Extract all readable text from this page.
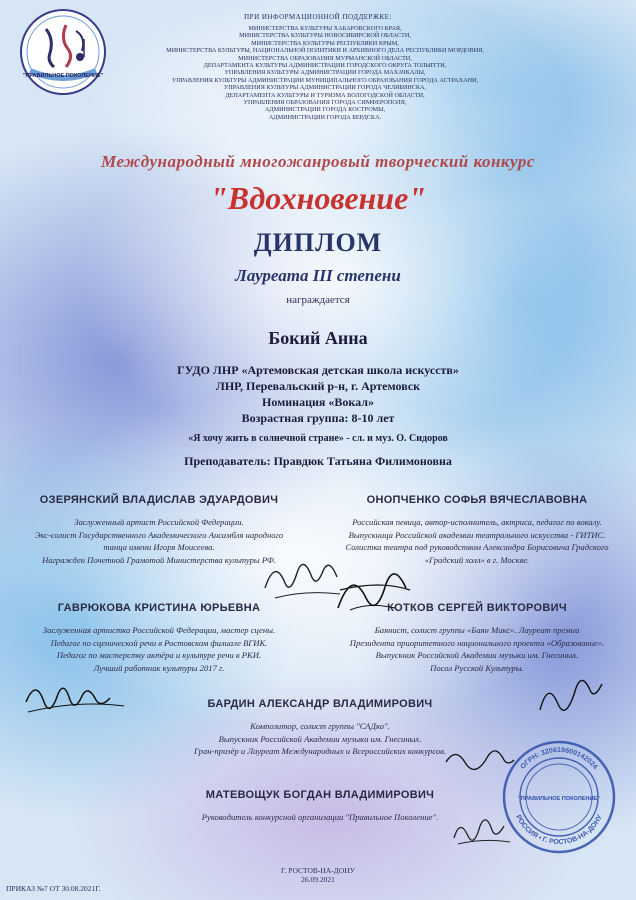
"ПРАВИЛЬНОЕ ПОКОЛЕНИЕ"
ПРИ ИНФОРМАЦИОННОЙ ПОДДЕРЖКЕ:
МИНИСТЕРСТВА КУЛЬТУРЫ ХАБАРОВСКОГО КРАЯ,
МИНИСТЕРСТВА КУЛЬТУРЫ НОВОСИБИРСКОЙ ОБЛАСТИ,
МИНИСТЕРСТВА КУЛЬТУРЫ РЕСПУБЛИКИ КРЫМ,
МИНИСТЕРСТВА КУЛЬТУРЫ, НАЦИОНАЛЬНОЙ ПОЛИТИКИ И АРХИВНОГО ДЕЛА РЕСПУБЛИКИ МОРДОВИЯ,
МИНИСТЕРСТВА ОБРАЗОВАНИЯ МУРМАНСКОЙ ОБЛАСТИ,
ДЕПАРТАМЕНТА КУЛЬТУРЫ АДМИНИСТРАЦИИ ГОРОДСКОГО ОКРУГА ТОЛЬЯТТИ,
УПРАВЛЕНИЯ КУЛЬТУРЫ АДМИНИСТРАЦИИ ГОРОДА МАХАЧКАЛЫ,
УПРАВЛЕНИЯ КУЛЬТУРЫ АДМИНИСТРАЦИИ МУНИЦИПАЛЬНОГО ОБРАЗОВАНИЯ ГОРОДА АСТРАХАНИ,
УПРАВЛЕНИЯ КУЛЬТУРЫ АДМИНИСТРАЦИИ ГОРОДА ЧЕЛЯБИНСКА,
ДЕПАРТАМЕНТА КУЛЬТУРЫ И ТУРИЗМА ВОЛОГОДСКОЙ ОБЛАСТИ,
УПРАВЛЕНИЯ ОБРАЗОВАНИЯ ГОРОДА СИМФЕРОПОЛЯ,
АДМИНИСТРАЦИИ ГОРОДА КОСТРОМЫ,
АДМИНИСТРАЦИИ ГОРОДА БЕРДСКА.
Международный многожанровый творческий конкурс
"Вдохновение"
ДИПЛОМ
Лауреата III степени
награждается
Бокий Анна
ГУДО ЛНР «Артемовская детская школа искусств»
ЛНР, Перевальский р-н, г. Артемовск
Номинация «Вокал»
Возрастная группа: 8-10 лет
«Я хочу жить в солнечной стране» - сл. и муз. О. Сидоров
Преподаватель: Правдюк Татьяна Филимоновна
ОЗЕРЯНСКИЙ ВЛАДИСЛАВ ЭДУАРДОВИЧ
Заслуженный артист Российской Федерации.
Экс-солист Государственного Академического Ансамбля народного
танца имени Игоря Моисеева.
Награжден Почетной Грамотой Министерства культуры РФ.
ОНОПЧЕНКО СОФЬЯ ВЯЧЕСЛАВОВНА
Российская певица, автор-исполнитель, актриса, педагог по вокалу.
Выпускница Российской академии театрального искусства - ГИТИС.
Солистка театра под руководством Александра Борисовича Градского
«Градский холл» в г. Москве.
ГАВРЮКОВА КРИСТИНА ЮРЬЕВНА
Заслуженная артистка Российской Федерации, мастер сцены.
Педагог по сценической речи в Ростовском филиале ВГИК.
Педагог по мастерству актёра и культуре речи в РКИ.
Лучший работник культуры 2017 г.
КОТКОВ СЕРГЕЙ ВИКТОРОВИЧ
Баянист, солист группы «Баян Микс». Лауреат премии
Президента приоритетного национального проекта «Образование».
Выпускник Российской Академии музыки им. Гнесиных.
Посол Русской Культуры.
БАРДИН АЛЕКСАНДР ВЛАДИМИРОВИЧ
Композитор, солист группы "САДко".
Выпускник Российской Академии музыки им. Гнесиных.
Гран-призёр и Лауреат Международных и Всероссийских конкурсов.
МАТЕВОЩУК БОГДАН ВЛАДИМИРОВИЧ
Руководитель конкурсной организации "Правильное Поколение".
ОГРН: 320619600142024
РОССИЯ • Г. РОСТОВ-НА-ДОНУ
"ПРАВИЛЬНОЕ ПОКОЛЕНИЕ"
Г. РОСТОВ-НА-ДОНУ
26.09.2021
ПРИКАЗ №7 ОТ 30.08.2021Г.
